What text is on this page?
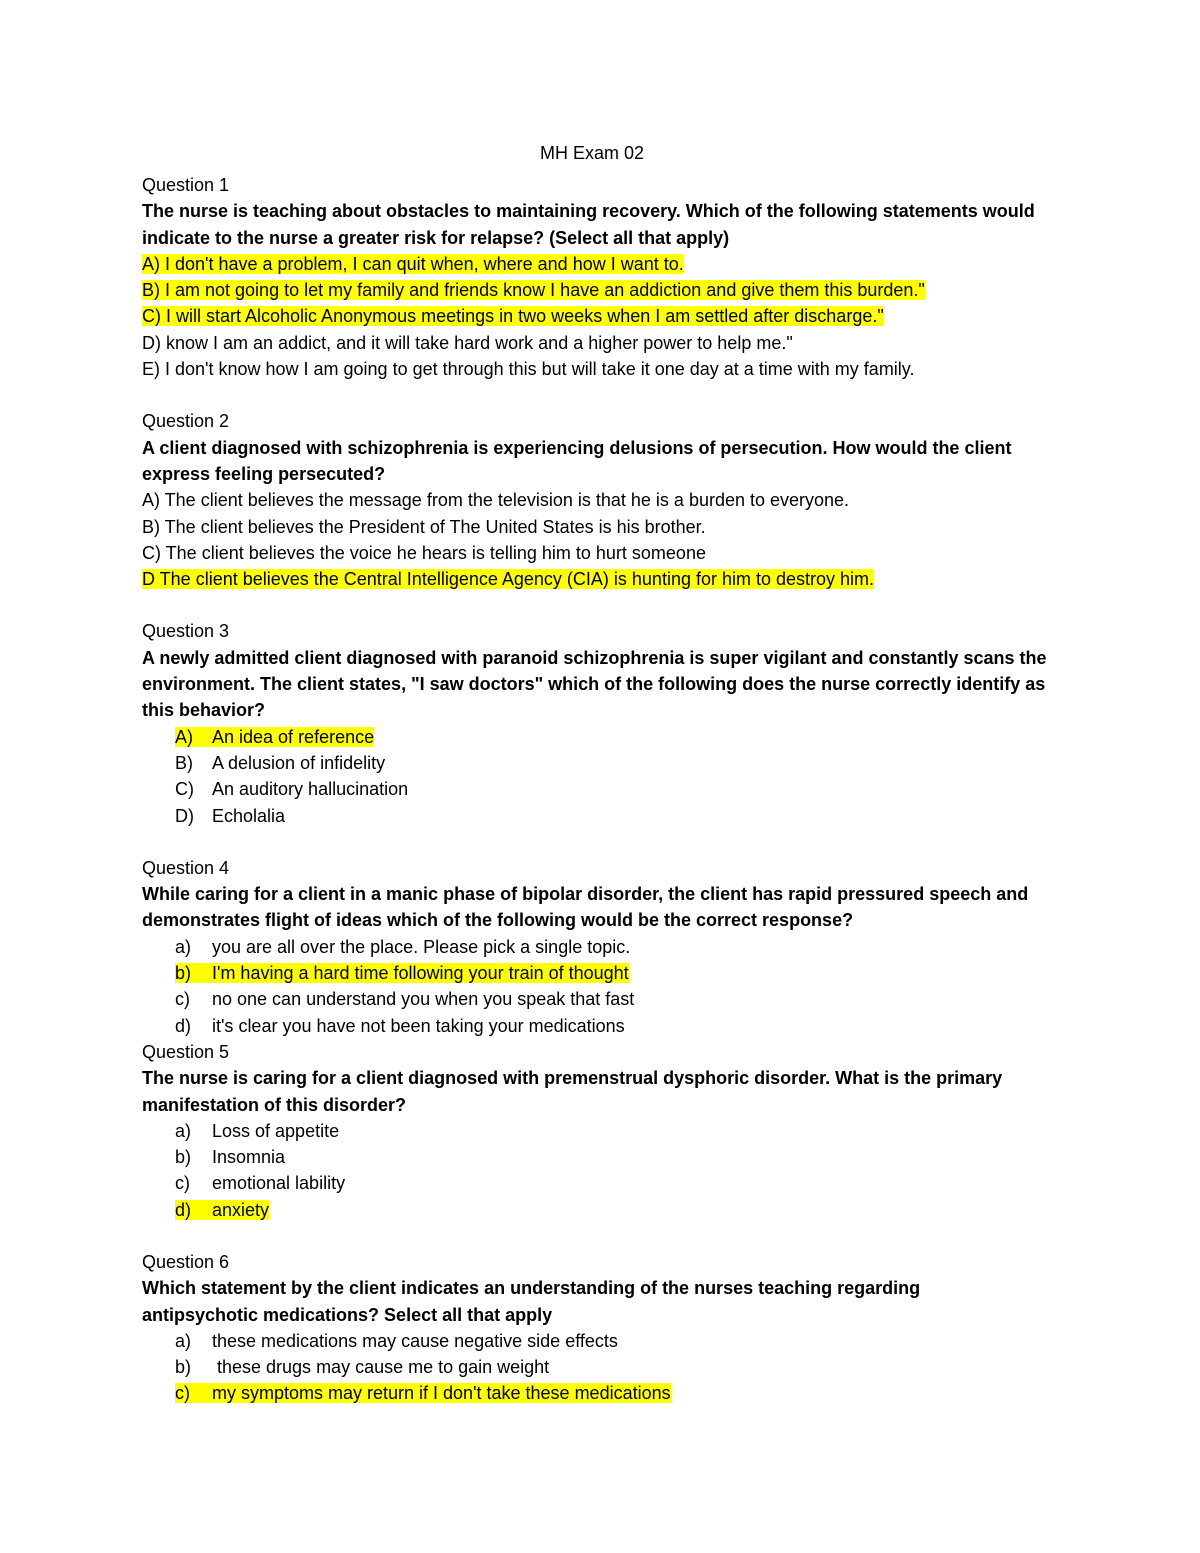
MH Exam 02
Question 1
The nurse is teaching about obstacles to maintaining recovery. Which of the following statements would indicate to the nurse a greater risk for relapse? (Select all that apply)
A) I don't have a problem, I can quit when, where and how I want to.
B) I am not going to let my family and friends know I have an addiction and give them this burden."
C) I will start Alcoholic Anonymous meetings in two weeks when I am settled after discharge."
D) know I am an addict, and it will take hard work and a higher power to help me."
E) I don't know how I am going to get through this but will take it one day at a time with my family.
Question 2
A client diagnosed with schizophrenia is experiencing delusions of persecution. How would the client express feeling persecuted?
A) The client believes the message from the television is that he is a burden to everyone.
B) The client believes the President of The United States is his brother.
C) The client believes the voice he hears is telling him to hurt someone
D The client believes the Central Intelligence Agency (CIA) is hunting for him to destroy him.
Question 3
A newly admitted client diagnosed with paranoid schizophrenia is super vigilant and constantly scans the environment. The client states, "I saw doctors" which of the following does the nurse correctly identify as this behavior?
A) An idea of reference
B) A delusion of infidelity
C) An auditory hallucination
D) Echolalia
Question 4
While caring for a client in a manic phase of bipolar disorder, the client has rapid pressured speech and demonstrates flight of ideas which of the following would be the correct response?
a) you are all over the place. Please pick a single topic.
b) I'm having a hard time following your train of thought
c) no one can understand you when you speak that fast
d) it's clear you have not been taking your medications
Question 5
The nurse is caring for a client diagnosed with premenstrual dysphoric disorder. What is the primary manifestation of this disorder?
a) Loss of appetite
b) Insomnia
c) emotional lability
d) anxiety
Question 6
Which statement by the client indicates an understanding of the nurses teaching regarding antipsychotic medications? Select all that apply
a) these medications may cause negative side effects
b) these drugs may cause me to gain weight
c) my symptoms may return if I don't take these medications
